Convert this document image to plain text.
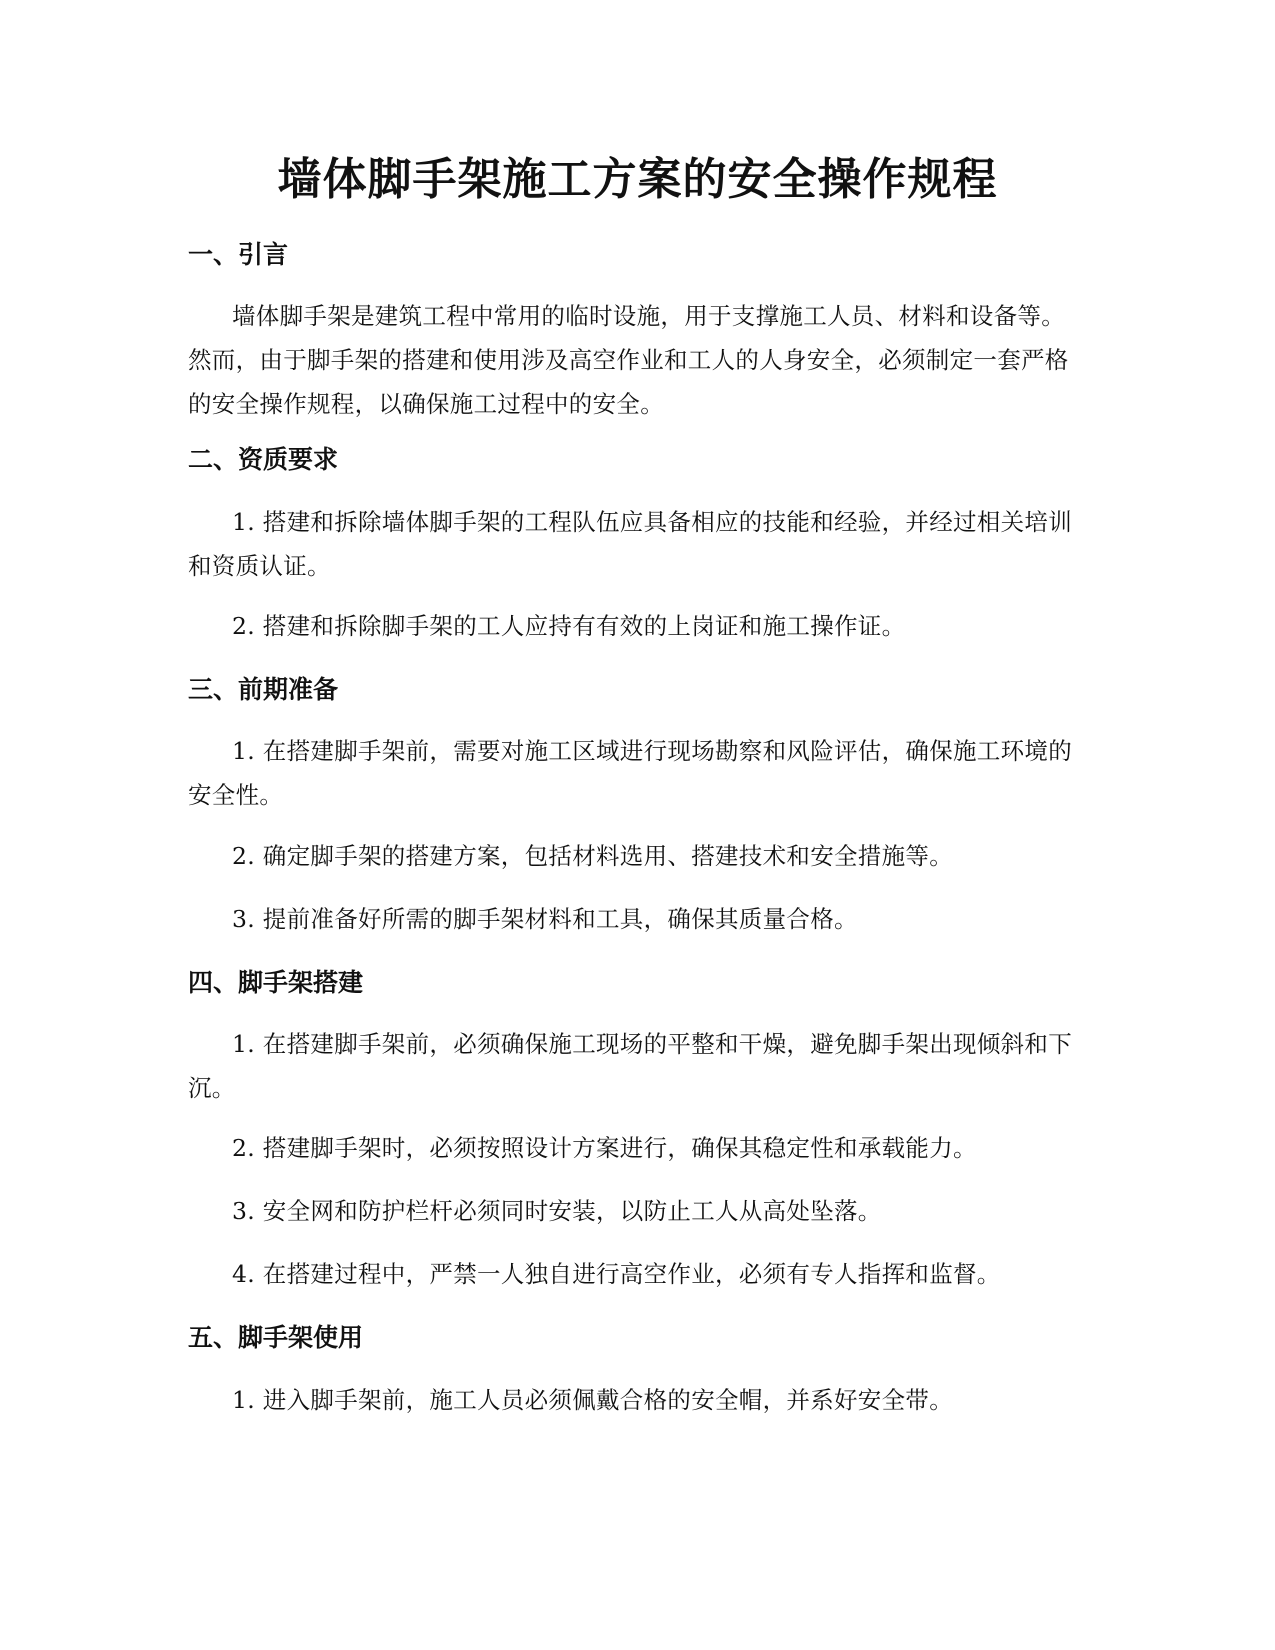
墙体脚手架施工方案的安全操作规程
一、引言

墙体脚手架是建筑工程中常用的临时设施，用于支撑施工人员、材料和设备等。然而，由于脚手架的搭建和使用涉及高空作业和工人的人身安全，必须制定一套严格的安全操作规程，以确保施工过程中的安全。

二、资质要求

1. 搭建和拆除墙体脚手架的工程队伍应具备相应的技能和经验，并经过相关培训和资质认证。

2. 搭建和拆除脚手架的工人应持有有效的上岗证和施工操作证。

三、前期准备

1. 在搭建脚手架前，需要对施工区域进行现场勘察和风险评估，确保施工环境的安全性。

2. 确定脚手架的搭建方案，包括材料选用、搭建技术和安全措施等。

3. 提前准备好所需的脚手架材料和工具，确保其质量合格。

四、脚手架搭建

1. 在搭建脚手架前，必须确保施工现场的平整和干燥，避免脚手架出现倾斜和下沉。

2. 搭建脚手架时，必须按照设计方案进行，确保其稳定性和承载能力。

3. 安全网和防护栏杆必须同时安装，以防止工人从高处坠落。

4. 在搭建过程中，严禁一人独自进行高空作业，必须有专人指挥和监督。

五、脚手架使用

1. 进入脚手架前，施工人员必须佩戴合格的安全帽，并系好安全带。
